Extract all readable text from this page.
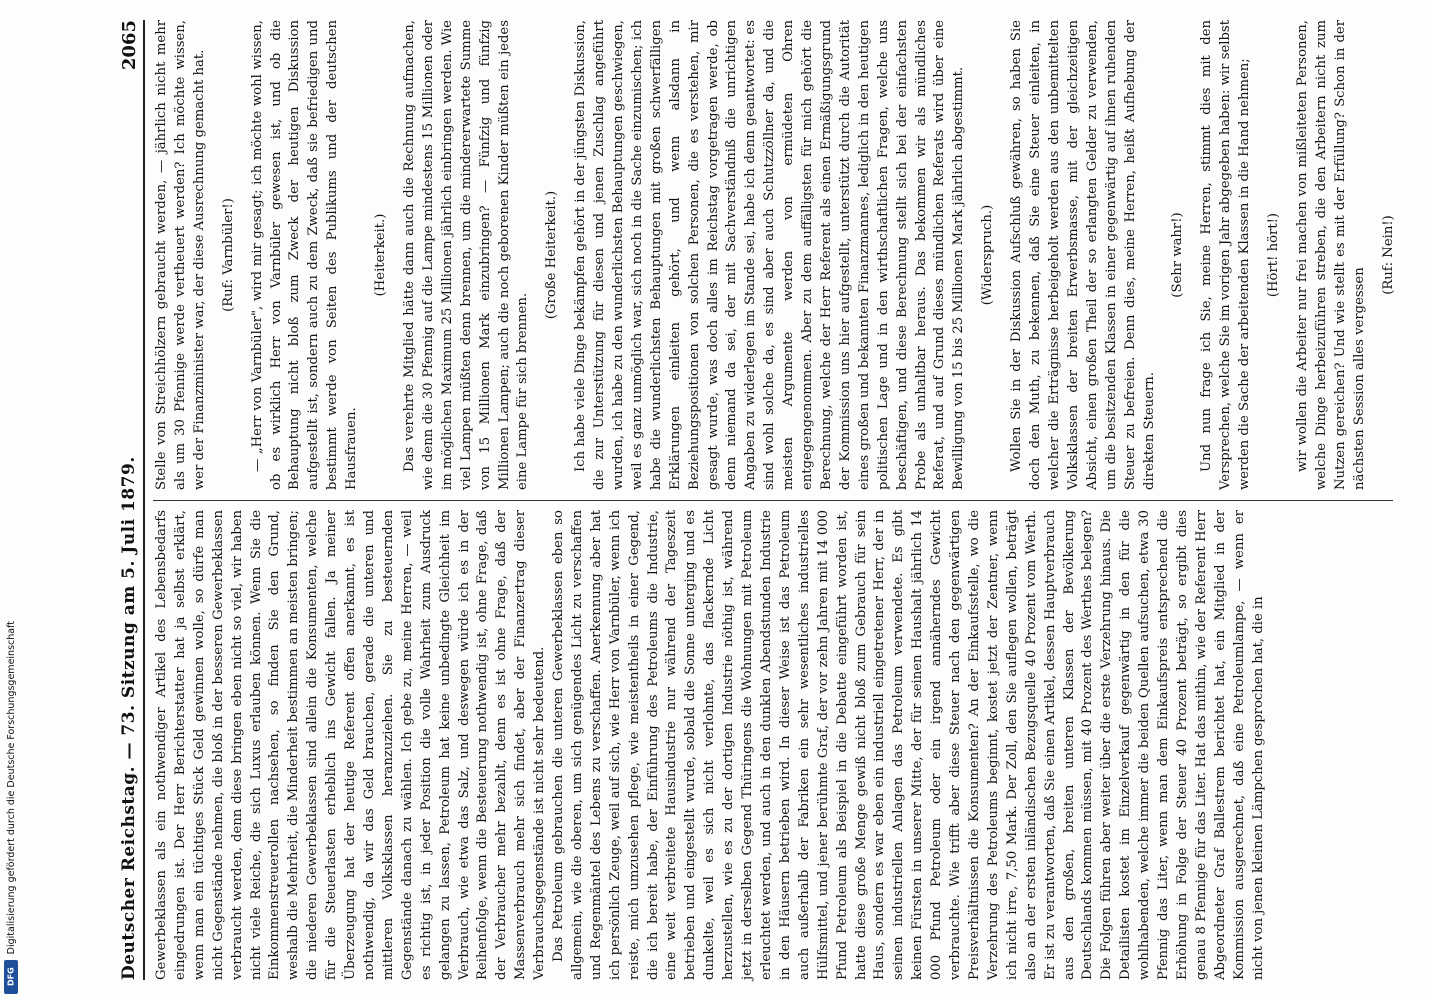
Deutscher Reichstag. — 73. Sitzung am 5. Juli 1879.
2065

Gewerbeklassen als ein nothwendiger Artikel des Lebensbedarfs eingedrungen ist. Der Herr Berichterstatter hat ja selbst erklärt, wenn man ein tüchtiges Stück Geld gewinnen wolle, so dürfe man nicht Gegenstände nehmen, die bloß in der besseren Gewerbeklassen verbraucht werden, denn diese bringen eben nicht so viel, wir haben nicht viele Reiche, die sich Luxus erlauben können. Wenn Sie die Einkommenstreuerollen nachsehen, so finden Sie den Grund, weshalb die Mehrheit, die Minderheit bestimmen an meisten bringen; die niederen Gewerbeklassen sind allein die Konsumenten, welche für die Steuerlasten erheblich ins Gewicht fallen. Ja meiner Überzeugung hat der heutige Referent offen anerkannt, es ist nothwendig, da wir das Geld brauchen, gerade die unteren und mittleren Volksklassen heranzuziehen. Sie zu besteuernden Gegenstände danach zu wählen. Ich gebe zu, meine Herren, — weil es richtig ist, in jeder Position die volle Wahrheit zum Ausdruck gelangen zu lassen, Petroleum hat keine unbedingte Gleichheit im Verbrauch, wie etwa das Salz, und deswegen würde ich es in der Reihenfolge, wenn die Besteuerung nothwendig ist, ohne Frage, daß der Verbraucher mehr bezahlt, denn es ist ohne Frage, daß der Massenverbrauch mehr sich findet, aber der Finanzertrag dieser Verbrauchsgegenstände ist nicht sehr bedeutend. Das Petroleum gebrauchen die unteren Gewerbeklassen eben so allgemein, wie die oberen, um sich genügendes Licht zu verschaffen und Regenmäntel des Lebens zu verschaffen. Anerkennung aber hat ich persönlich Zeuge, weil auf sich, wie Herr von Varnbüler, wenn ich reiste, mich umzusehen pflege, wie meistentheils in einer Gegend, die ich bereit habe, der Einführung des Petroleums die Industrie, eine weit verbreitete Hausindustrie nur während der Tageszeit betrieben und eingestellt wurde, sobald die Sonne unterging und es dunkelte, weil es sich nicht verlohnte, das flackernde Licht herzustellen, wie es zu der dortigen Industrie nöthig ist, während jetzt in derselben Gegend Thüringens die Wohnungen mit Petroleum erleuchtet werden, und auch in den dunklen Abendstunden Industrie in den Häusern betrieben wird. In dieser Weise ist das Petroleum auch außerhalb der Fabriken ein sehr wesentliches industrielles Hülfsmittel, und jener berühmte Graf, der vor zehn Jahren mit 14 000 Pfund Petroleum als Beispiel in die Debatte eingeführt worden ist, hatte diese große Menge gewiß nicht bloß zum Gebrauch für sein Haus, sondern es war eben ein industriell eingetretener Herr, der in seinen industriellen Anlagen das Petroleum verwendete. Es gibt keinen Fürsten in unserer Mitte, der für seinen Haushalt jährlich 14 000 Pfund Petroleum oder ein irgend annäherndes Gewicht verbrauchte. Wie trifft aber diese Steuer nach den gegenwärtigen Preisverhältnissen die Konsumenten? An der Einkaufsstelle, wo die Verzehrung des Petroleums beginnt, kostet jetzt der Zentner, wenn ich nicht irre, 7,50 Mark. Der Zoll, den Sie auflegen wollen, beträgt also an der ersten inländischen Bezugsquelle 40 Prozent vom Werth. Er ist zu verantworten, daß Sie einen Artikel, dessen Hauptverbrauch aus den großen, breiten unteren Klassen der Bevölkerung Deutschlands kommen müssen, mit 40 Prozent des Werthes belegen? Die Folgen führen aber weiter über die erste Verzehrung hinaus. Die Detailisten kostet im Einzelverkauf gegenwärtig in den für die wohlhabenden, welche immer die beiden Quellen aufsuchen, etwa 30 Pfennig das Liter, wenn man dem Einkaufspreis entsprechend die Erhöhung in Folge der Steuer 40 Prozent beträgt, so ergibt dies genau 8 Pfennige für das Liter. Hat das mithin, wie der Referent Herr Abgeordneter Graf Ballestrem berichtet hat, ein Mitglied in der Kommission ausgerechnet, daß eine Petroleumlampe, — wenn er nicht von jenen kleinen Lämpchen gesprochen hat, die in

Stelle von Streichhölzern gebraucht werden, — jährlich nicht mehr als um 30 Pfennige werde vertheuert werden? Ich möchte wissen, wer der Finanzminister war, der diese Ausrechnung gemacht hat. (Ruf: Varnbüler!) — „Herr von Varnbüler", wird mir gesagt; ich möchte wohl wissen, ob es wirklich Herr von Varnbüler gewesen ist, und ob die Behauptung nicht bloß zum Zweck der heutigen Diskussion aufgestellt ist, sondern auch zu dem Zweck, daß sie befriedigen und bestimmt werde von Seiten des Publikums und der deutschen Hausfrauen.

(Heiterkeit.) Das verehrte Mitglied hätte dann auch die Rechnung aufmachen, wie denn die 30 Pfennig auf die Lampe mindestens 15 Millionen oder im möglichen Maximum 25 Millionen jährlich einbringen werden. Wie viel Lampen müßten denn brennen, um die mindererwartete Summe von 15 Millionen Mark einzubringen? — Fünfzig und fünfzig Millionen Lampen; auch die noch geborenen Kinder müßten ein jedes eine Lampe für sich brennen.

(Große Heiterkeit.) Ich habe viele Dinge bekämpfen gehört in der jüngsten Diskussion, die zur Unterstützung für diesen und jenen Zuschlag angeführt wurden, ich habe zu den wunderlichsten Behauptungen geschwiegen, weil es ganz unmöglich war, sich noch in die Sache einzumischen; ich habe die wunderlichsten Behauptungen mit großen schwerfälligen Erklärungen einleiten gehört, und wenn alsdann in Beziehungspositionen von solchen Personen, die es verstehen, mir gesagt wurde, was doch alles im Reichstag vorgetragen werde, ob denn niemand da sei, der mit Sachverständniß die unrichtigen Angaben zu widerlegen im Stande sei, habe ich denn geantwortet: es sind wohl solche da, es sind aber auch Schutzzöllner da, und die meisten Argumente werden von ermüdeten Ohren entgegengenommen. Aber zu dem auffälligsten für mich gehört die Berechnung, welche der Herr Referent als einen Ermäßigungsgrund der Kommission uns hier aufgestellt, unterstützt durch die Autorität eines großen und bekannten Finanzmannes, lediglich in den heutigen politischen Lage und in den wirthschaftlichen Fragen, welche uns beschäftigen, und diese Berechnung stellt sich bei der einfachsten Probe als unhaltbar heraus. Das bekommen wir als mündliches Referat, und auf Grund dieses mündlichen Referats wird über eine Bewilligung von 15 bis 25 Millionen Mark jährlich abgestimmt. (Widerspruch.) Wollen Sie in der Diskussion Aufschluß gewähren, so haben Sie doch den Muth, zu bekennen, daß Sie eine Steuer einleiten, in welcher die Erträgnisse herbeigeholt werden aus den unbemittelten Volksklassen der breiten Erwerbsmasse, mit der gleichzeitigen Absicht, einen großen Theil der so erlangten Gelder zu verwenden, um die besitzenden Klassen in einer gegenwärtig auf ihnen ruhenden Steuer zu befreien. Denn dies, meine Herren, heißt Aufhebung der direkten Steuern.

(Sehr wahr!) Und nun frage ich Sie, meine Herren, stimmt dies mit den Versprechen, welche Sie im vorigen Jahr abgegeben haben: wir selbst werden die Sache der arbeitenden Klassen in die Hand nehmen; (Hört! hört!) wir wollen die Arbeiter nur frei machen von mißleiteten Personen, welche Dinge herbeizuführen streben, die den Arbeitern nicht zum Nutzen gereichen? Und wie stellt es mit der Erfüllung? Schon in der nächsten Session alles vergessen

(Ruf: Nein!)

DFG
Digitalisierung gefördert durch die Deutsche Forschungsgemeinschaft
